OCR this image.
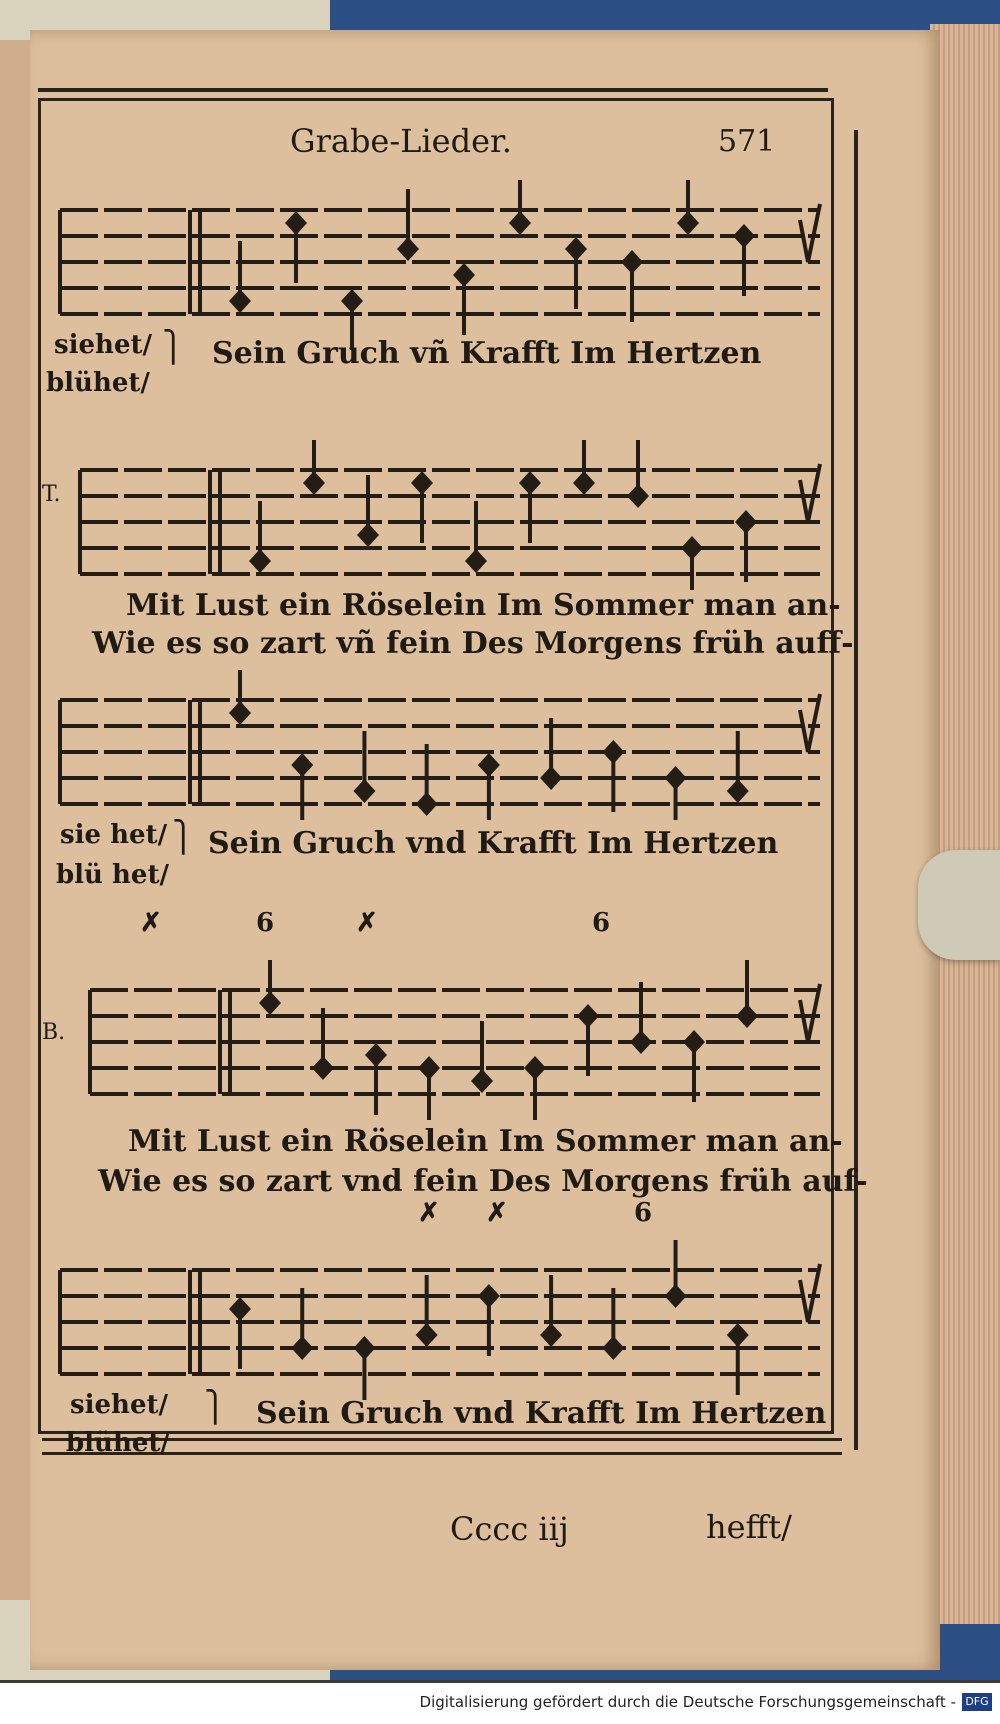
Grabe-Lieder.	571
siehet/
blühet/
⎫ Sein Gruch vñ Krafft Im Hertzen
T.
Mit Lust ein Röselein Im Sommer man an-
Wie es so zart vñ fein Des Morgens früh auff-
sie het/
blü het/
⎫ Sein Gruch vnd Krafft Im Hertzen
✗	6	✗	6
B.
Mit Lust ein Röselein Im Sommer man an-
Wie es so zart vnd fein Des Morgens früh auf-
✗ ✗	6
siehet/
blühet/
⎫ Sein Gruch vnd Krafft Im Hertzen
Cccc iij	hefft/
Digitalisierung gefördert durch die Deutsche Forschungsgemeinschaft - DFG
